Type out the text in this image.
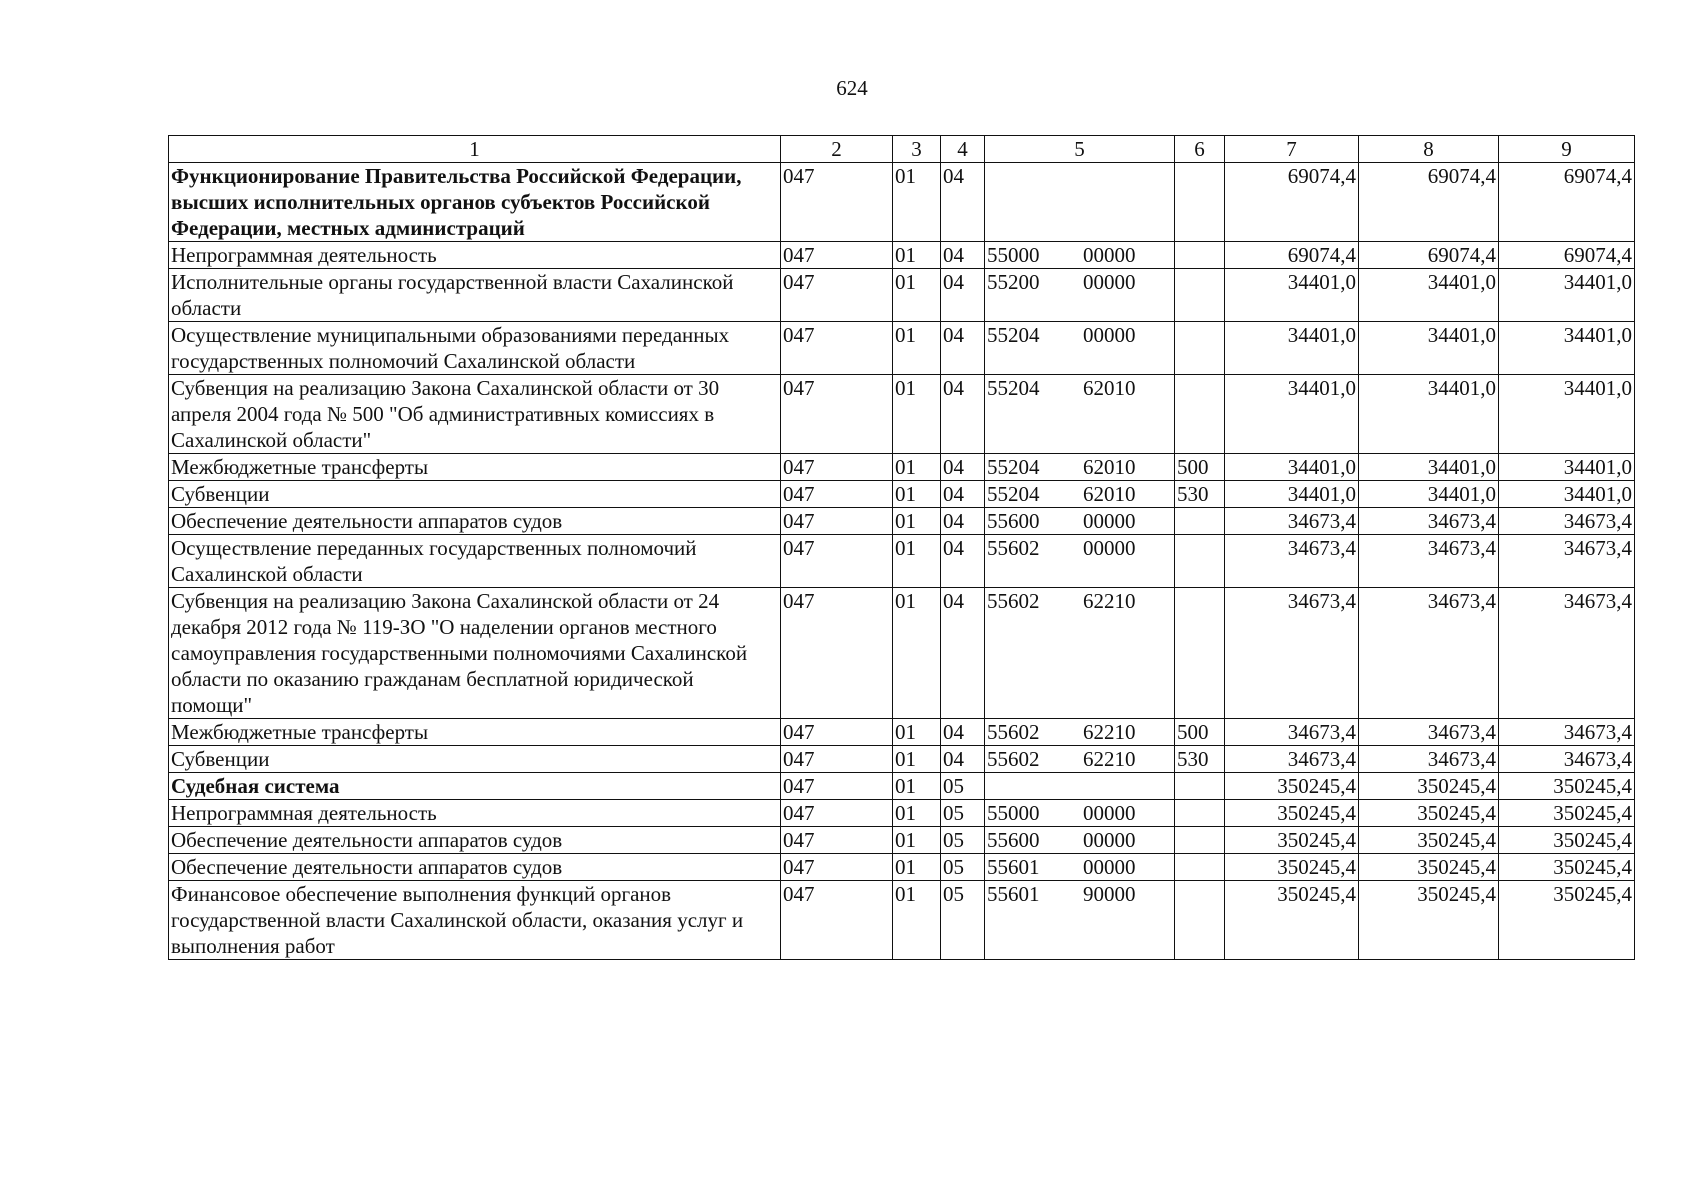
624
1	2	3	4	5	6	7	8	9
Функционирование Правительства Российской Федерации, высших исполнительных органов субъектов Российской Федерации, местных администраций	047	01	04			69074,4	69074,4	69074,4
Непрограммная деятельность	047	01	04	55000 00000		69074,4	69074,4	69074,4
Исполнительные органы государственной власти Сахалинской области	047	01	04	55200 00000		34401,0	34401,0	34401,0
Осуществление муниципальными образованиями переданных государственных полномочий Сахалинской области	047	01	04	55204 00000		34401,0	34401,0	34401,0
Субвенция на реализацию Закона Сахалинской области от 30 апреля 2004 года № 500 "Об административных комиссиях в Сахалинской области"	047	01	04	55204 62010		34401,0	34401,0	34401,0
Межбюджетные трансферты	047	01	04	55204 62010	500	34401,0	34401,0	34401,0
Субвенции	047	01	04	55204 62010	530	34401,0	34401,0	34401,0
Обеспечение деятельности аппаратов судов	047	01	04	55600 00000		34673,4	34673,4	34673,4
Осуществление переданных государственных полномочий Сахалинской области	047	01	04	55602 00000		34673,4	34673,4	34673,4
Субвенция на реализацию Закона Сахалинской области от 24 декабря 2012 года № 119-ЗО "О наделении органов местного самоуправления государственными полномочиями Сахалинской области по оказанию гражданам бесплатной юридической помощи"	047	01	04	55602 62210		34673,4	34673,4	34673,4
Межбюджетные трансферты	047	01	04	55602 62210	500	34673,4	34673,4	34673,4
Субвенции	047	01	04	55602 62210	530	34673,4	34673,4	34673,4
Судебная система	047	01	05			350245,4	350245,4	350245,4
Непрограммная деятельность	047	01	05	55000 00000		350245,4	350245,4	350245,4
Обеспечение деятельности аппаратов судов	047	01	05	55600 00000		350245,4	350245,4	350245,4
Обеспечение деятельности аппаратов судов	047	01	05	55601 00000		350245,4	350245,4	350245,4
Финансовое обеспечение выполнения функций органов государственной власти Сахалинской области, оказания услуг и выполнения работ	047	01	05	55601 90000		350245,4	350245,4	350245,4
